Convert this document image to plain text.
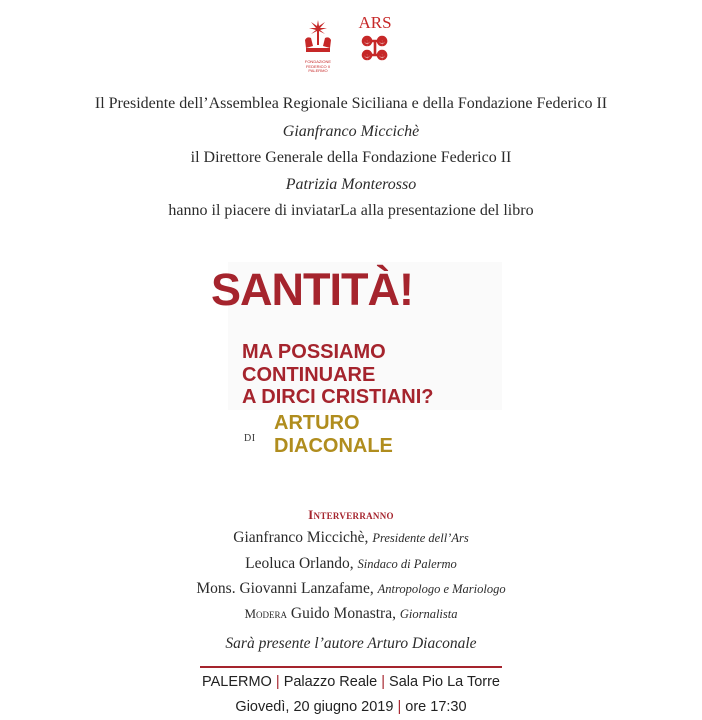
FONDAZIONE
FEDERICO II
PALERMO
ARS
Il Presidente dell’Assemblea Regionale Siciliana e della Fondazione Federico II
Gianfranco Miccichè
il Direttore Generale della Fondazione Federico II
Patrizia Monterosso
hanno il piacere di inviatarLa alla presentazione del libro
SANTITÀ!
MA POSSIAMO
CONTINUARE
A DIRCI CRISTIANI?
DI
ARTURO
DIACONALE
Interverranno
Gianfranco Miccichè, Presidente dell’Ars
Leoluca Orlando, Sindaco di Palermo
Mons. Giovanni Lanzafame, Antropologo e Mariologo
Modera Guido Monastra, Giornalista
Sarà presente l’autore Arturo Diaconale
PALERMO | Palazzo Reale | Sala Pio La Torre
Giovedì, 20 giugno 2019 | ore 17:30
